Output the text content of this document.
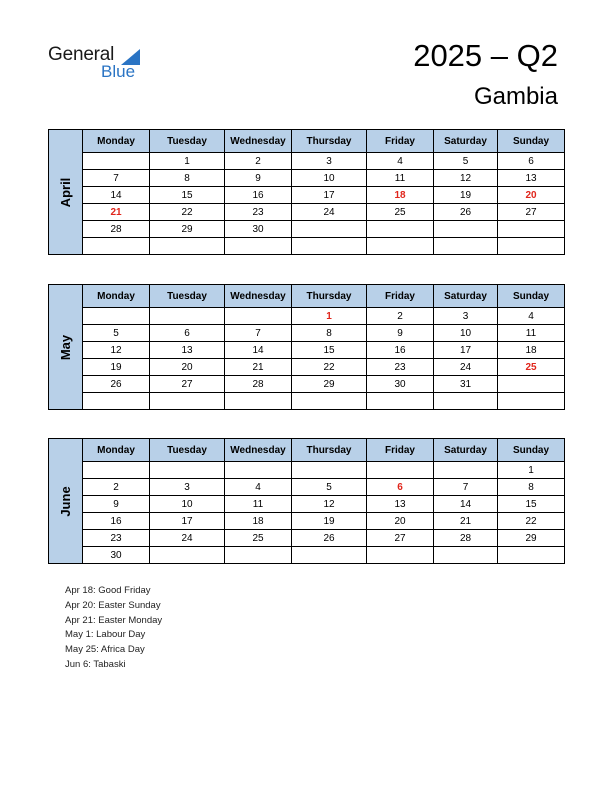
General
Blue	2025 – Q2
Gambia
April	Monday	Tuesday	Wednesday	Thursday	Friday	Saturday	Sunday
		1	2	3	4	5	6
	7	8	9	10	11	12	13
	14	15	16	17	18	19	20
	21	22	23	24	25	26	27
	28	29	30				

May	Monday	Tuesday	Wednesday	Thursday	Friday	Saturday	Sunday
				1	2	3	4
	5	6	7	8	9	10	11
	12	13	14	15	16	17	18
	19	20	21	22	23	24	25
	26	27	28	29	30	31	

June	Monday	Tuesday	Wednesday	Thursday	Friday	Saturday	Sunday
							1
	2	3	4	5	6	7	8
	9	10	11	12	13	14	15
	16	17	18	19	20	21	22
	23	24	25	26	27	28	29
	30						
Apr 18: Good Friday
Apr 20: Easter Sunday
Apr 21: Easter Monday
May 1: Labour Day
May 25: Africa Day
Jun 6: Tabaski
